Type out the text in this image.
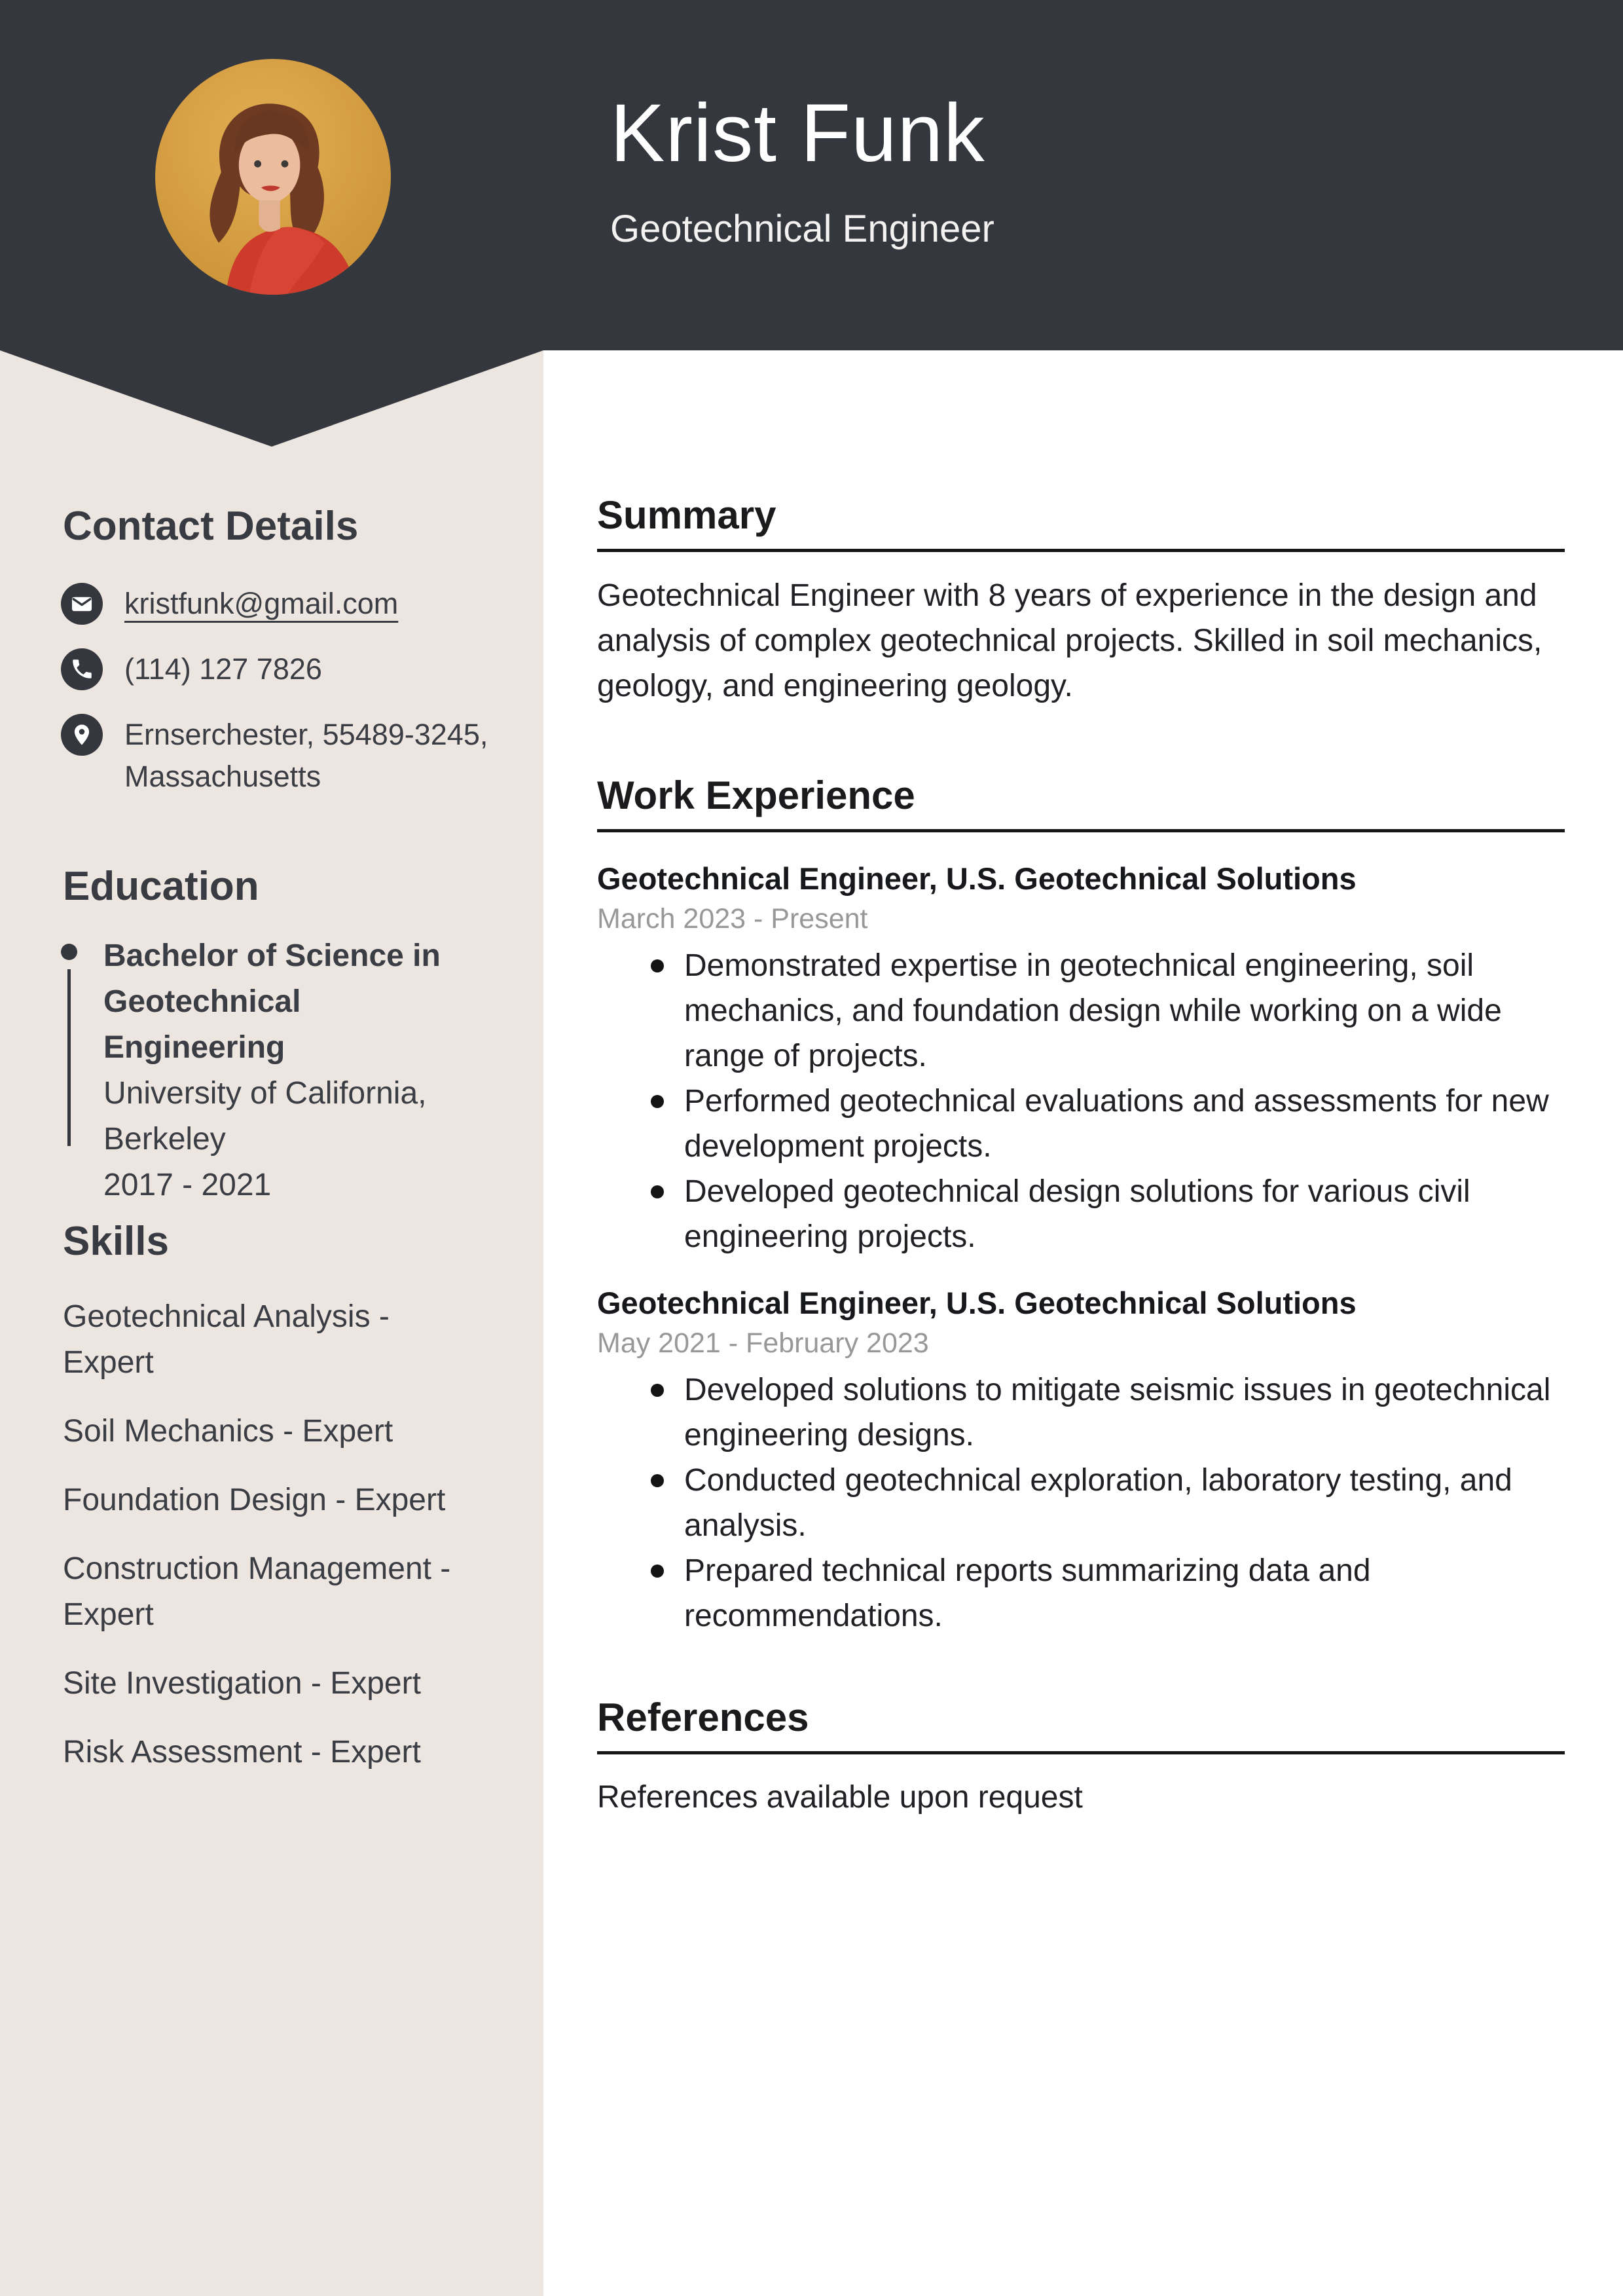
Krist Funk
Geotechnical Engineer
Contact Details
kristfunk@gmail.com
(114) 127 7826
Ernserchester, 55489-3245, Massachusetts
Education
Bachelor of Science in Geotechnical Engineering
University of California, Berkeley
2017 - 2021
Skills
Geotechnical Analysis - Expert
Soil Mechanics - Expert
Foundation Design - Expert
Construction Management - Expert
Site Investigation - Expert
Risk Assessment - Expert
Summary
Geotechnical Engineer with 8 years of experience in the design and analysis of complex geotechnical projects. Skilled in soil mechanics, geology, and engineering geology.
Work Experience
Geotechnical Engineer, U.S. Geotechnical Solutions
March 2023 - Present
Demonstrated expertise in geotechnical engineering, soil mechanics, and foundation design while working on a wide range of projects.
Performed geotechnical evaluations and assessments for new development projects.
Developed geotechnical design solutions for various civil engineering projects.
Geotechnical Engineer, U.S. Geotechnical Solutions
May 2021 - February 2023
Developed solutions to mitigate seismic issues in geotechnical engineering designs.
Conducted geotechnical exploration, laboratory testing, and analysis.
Prepared technical reports summarizing data and recommendations.
References
References available upon request
